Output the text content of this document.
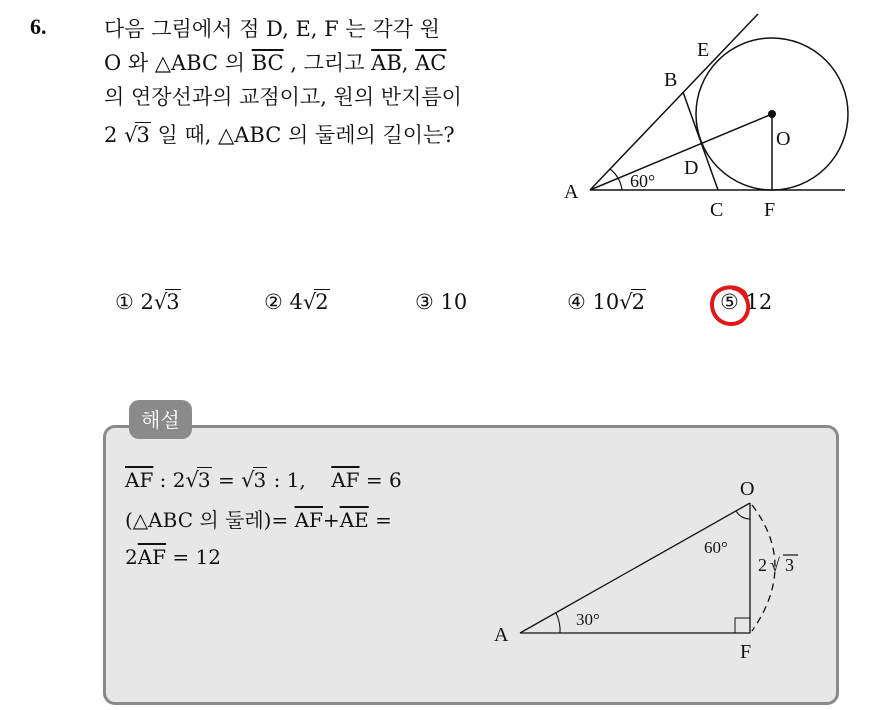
6.	다음 그림에서 점 D, E, F 는 각각 원
O 와 △ABC 의 $\overline{BC}$ , 그리고 $\overline{AB}$, $\overline{AC}$
의 연장선과의 교점이고, 원의 반지름이
2 √3 일 때, △ABC 의 둘레의 길이는?
A
B
C
D
E
F
O
60°
① 2√3	② 4√2	③ 10	④ 10√2	⑤ 12
해설
$\overline{AF}$ : 2√3 = √3 : 1,    $\overline{AF} = 6$
(△ABC 의 둘레)= $\overline{AF}+\overline{AE}$ =
$2\overline{AF} = 12$
O
A
F
60°
30°
2 √ 3
